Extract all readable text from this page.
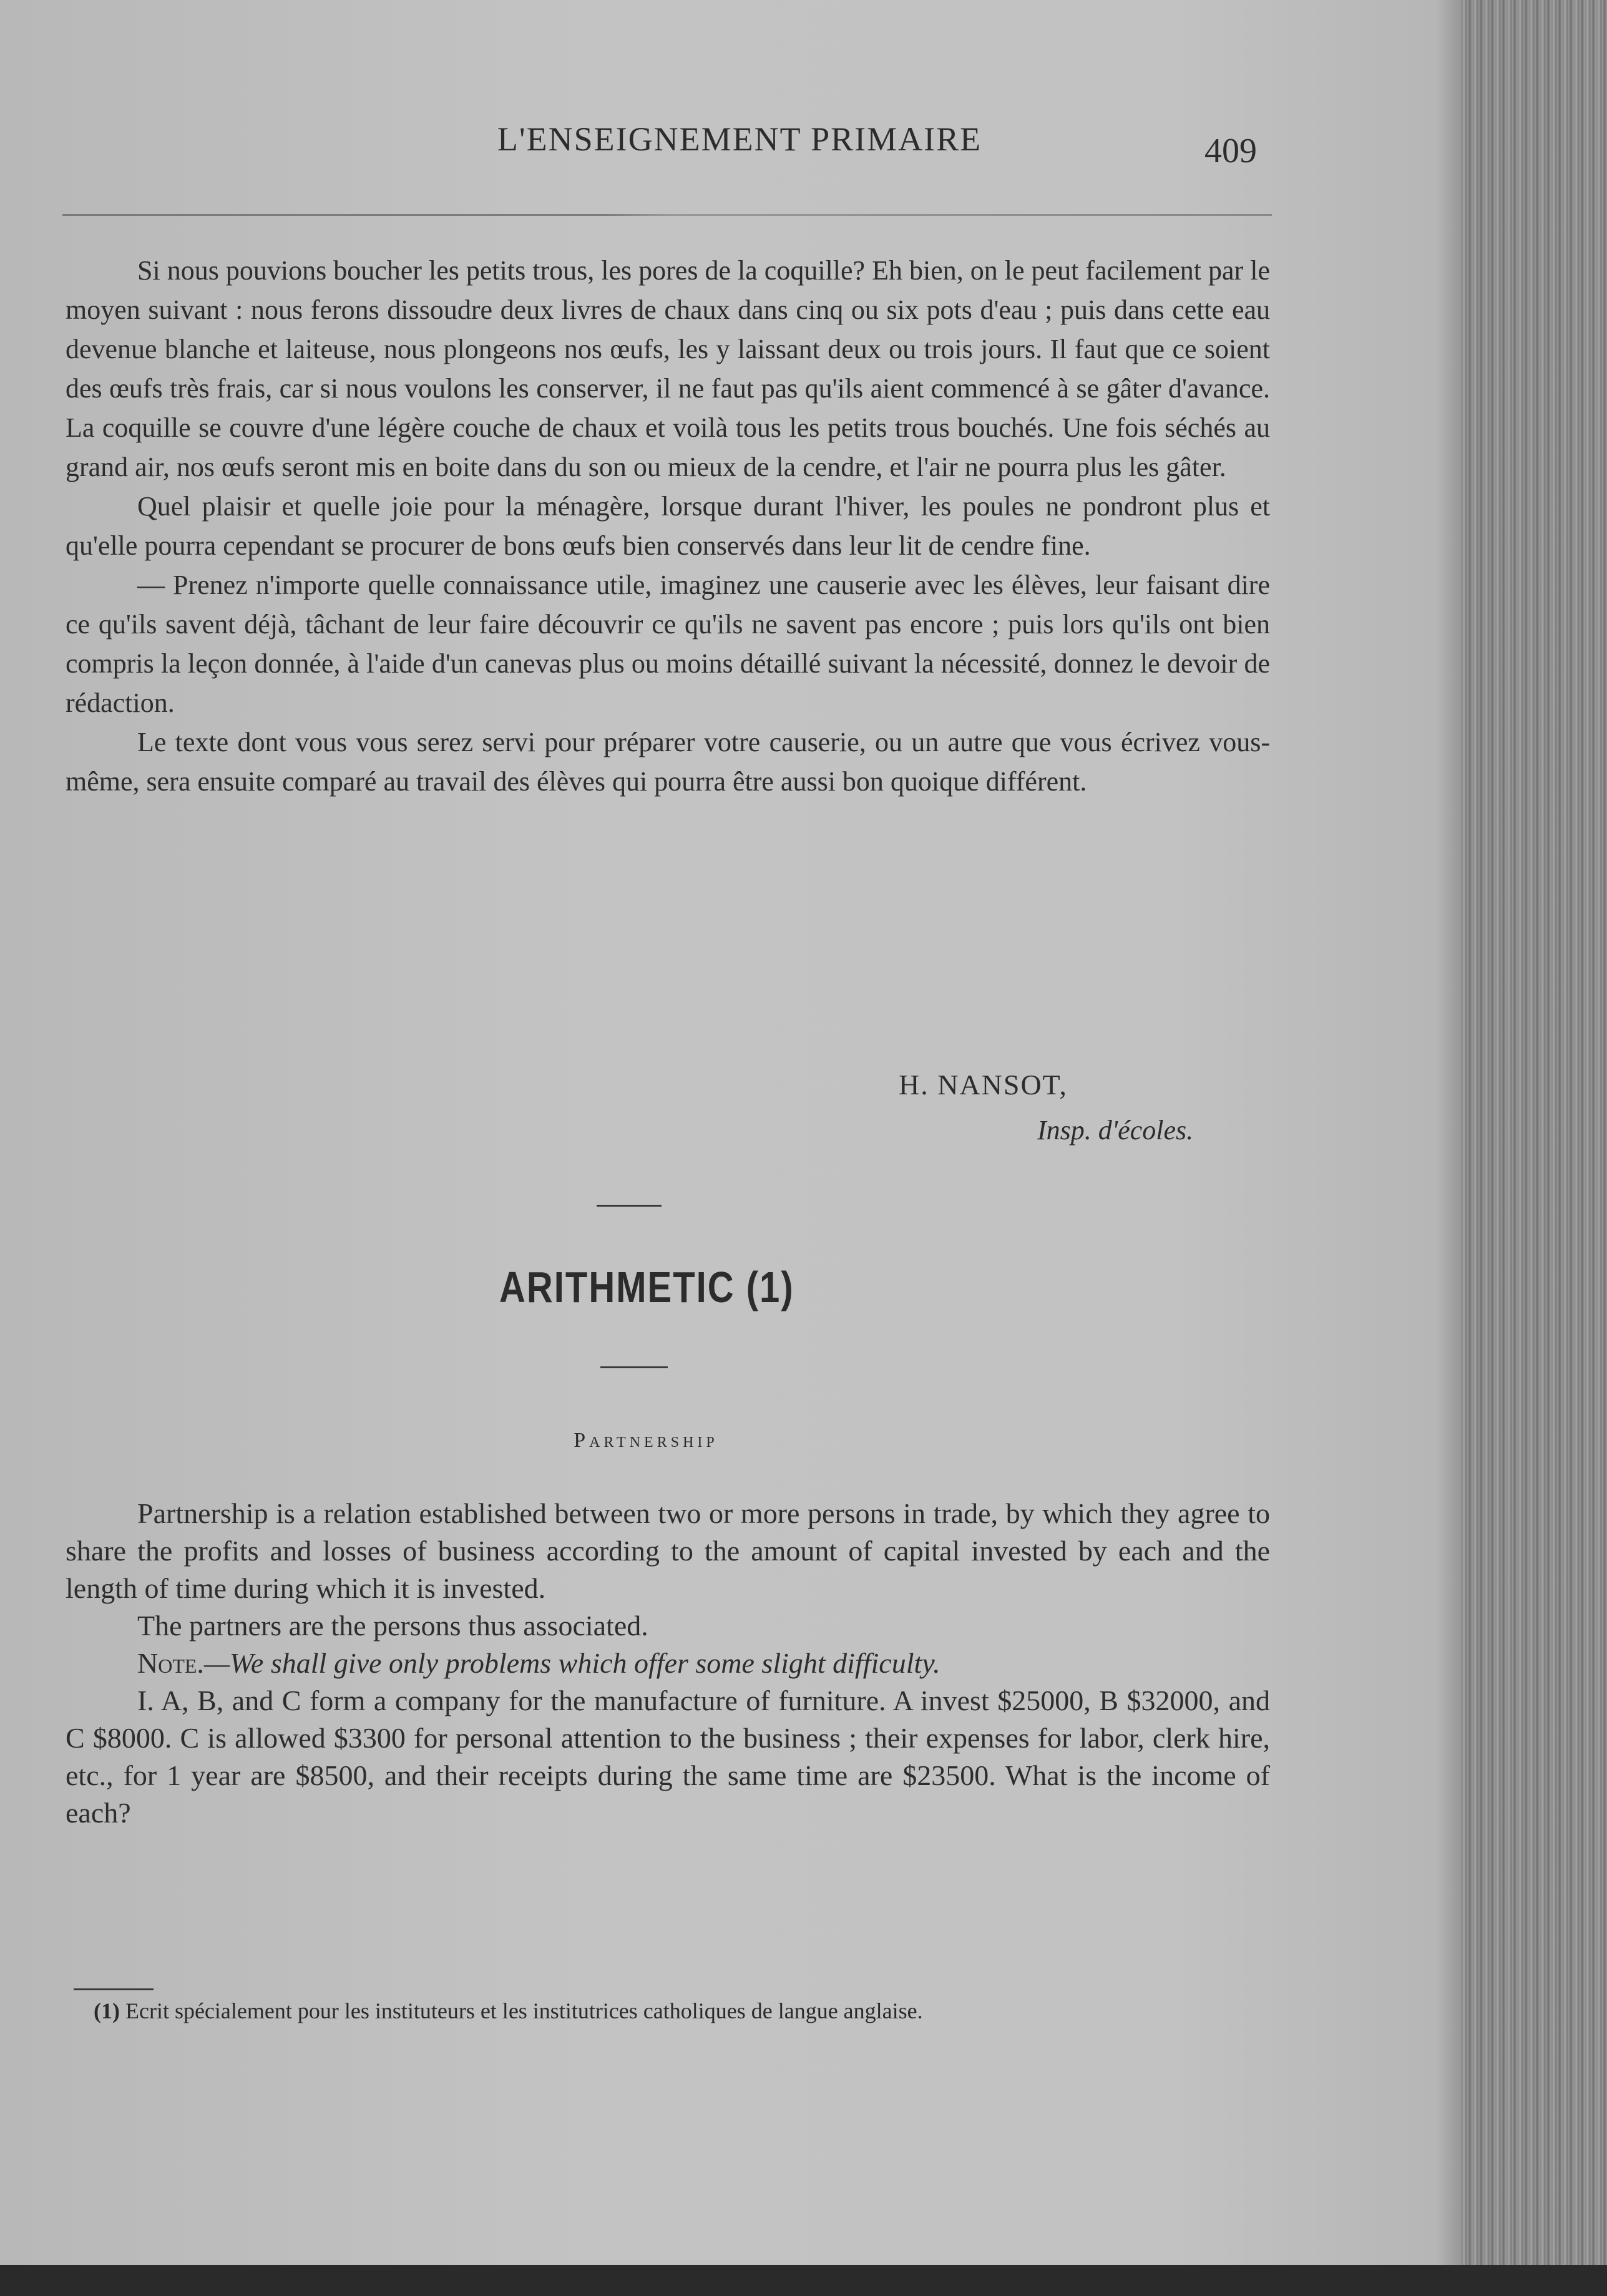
L'ENSEIGNEMENT PRIMAIRE	409

Si nous pouvions boucher les petits trous, les pores de la coquille? Eh bien, on le peut facilement par le moyen suivant : nous ferons dissoudre deux livres de chaux dans cinq ou six pots d'eau ; puis dans cette eau devenue blanche et laiteuse, nous plongeons nos œufs, les y laissant deux ou trois jours. Il faut que ce soient des œufs très frais, car si nous voulons les conserver, il ne faut pas qu'ils aient commencé à se gâter d'avance. La coquille se couvre d'une légère couche de chaux et voilà tous les petits trous bouchés. Une fois séchés au grand air, nos œufs seront mis en boite dans du son ou mieux de la cendre, et l'air ne pourra plus les gâter.

Quel plaisir et quelle joie pour la ménagère, lorsque durant l'hiver, les poules ne pondront plus et qu'elle pourra cependant se procurer de bons œufs bien conservés dans leur lit de cendre fine.

— Prenez n'importe quelle connaissance utile, imaginez une causerie avec les élèves, leur faisant dire ce qu'ils savent déjà, tâchant de leur faire découvrir ce qu'ils ne savent pas encore ; puis lors qu'ils ont bien compris la leçon donnée, à l'aide d'un canevas plus ou moins détaillé suivant la nécessité, donnez le devoir de rédaction.

Le texte dont vous vous serez servi pour préparer votre causerie, ou un autre que vous écrivez vous-même, sera ensuite comparé au travail des élèves qui pourra être aussi bon quoique différent.

H. NANSOT,
Insp. d'écoles.
ARITHMETIC (1)
Partnership

Partnership is a relation established between two or more persons in trade, by which they agree to share the profits and losses of business according to the amount of capital invested by each and the length of time during which it is invested.

The partners are the persons thus associated.

Note.—We shall give only problems which offer some slight difficulty.

I. A, B, and C form a company for the manufacture of furniture. A invest $25000, B $32000, and C $8000. C is allowed $3300 for personal attention to the business ; their expenses for labor, clerk hire, etc., for 1 year are $8500, and their receipts during the same time are $23500. What is the income of each?

(1) Ecrit spécialement pour les instituteurs et les institutrices catholiques de langue anglaise.
